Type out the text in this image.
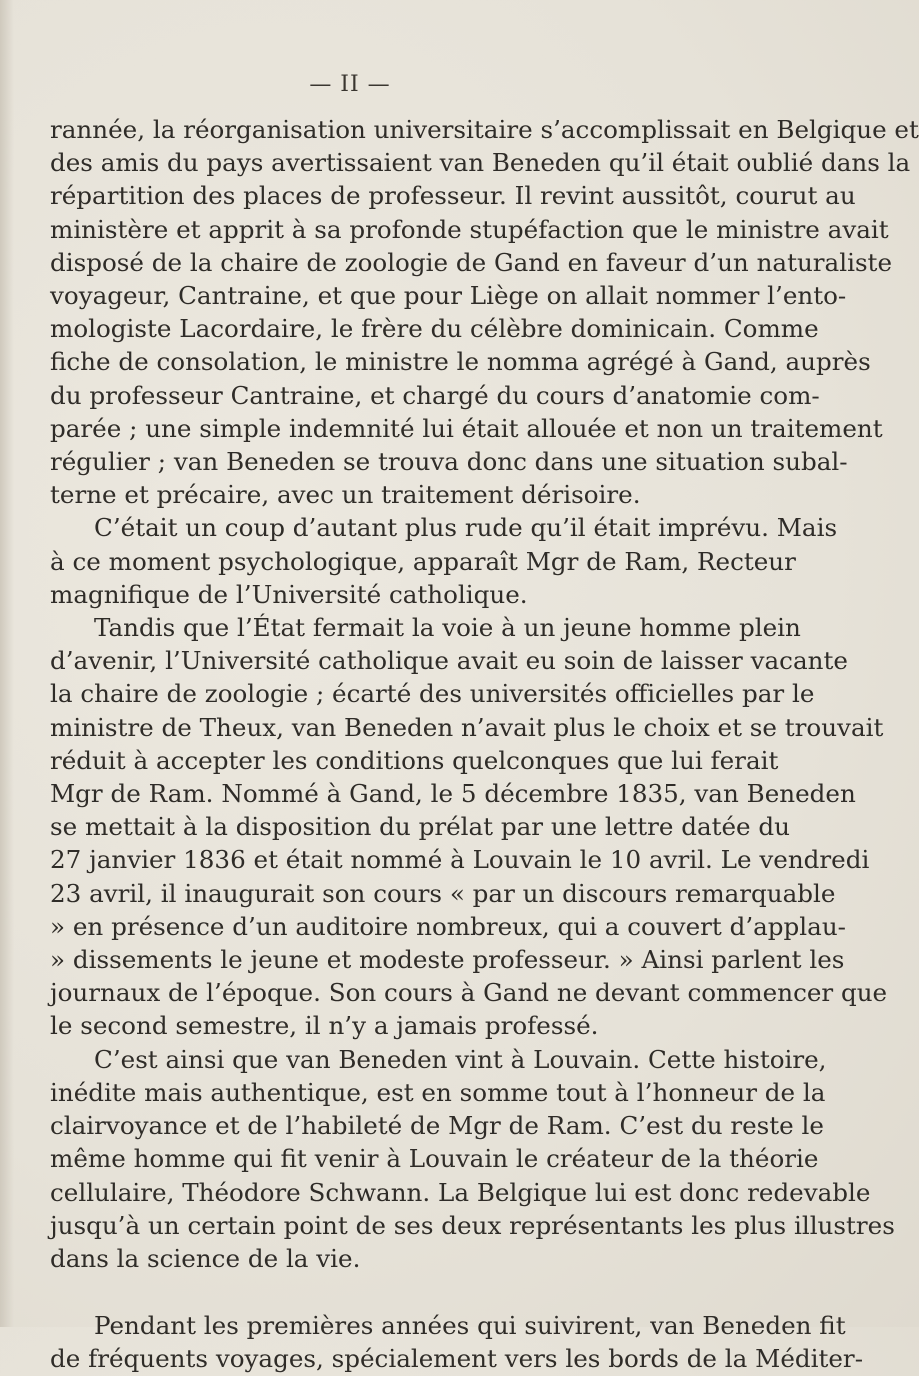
— II —

rannée, la réorganisation universitaire s’accomplissait en Belgique et
des amis du pays avertissaient van Beneden qu’il était oublié dans la
répartition des places de professeur. Il revint aussitôt, courut au
ministère et apprit à sa profonde stupéfaction que le ministre avait
disposé de la chaire de zoologie de Gand en faveur d’un naturaliste
voyageur, Cantraine, et que pour Liège on allait nommer l’ento-
mologiste Lacordaire, le frère du célèbre dominicain. Comme
fiche de consolation, le ministre le nomma agrégé à Gand, auprès
du professeur Cantraine, et chargé du cours d’anatomie com-
parée ; une simple indemnité lui était allouée et non un traitement
régulier ; van Beneden se trouva donc dans une situation subal-
terne et précaire, avec un traitement dérisoire.

C’était un coup d’autant plus rude qu’il était imprévu. Mais
à ce moment psychologique, apparaît Mgr de Ram, Recteur
magnifique de l’Université catholique.

Tandis que l’État fermait la voie à un jeune homme plein
d’avenir, l’Université catholique avait eu soin de laisser vacante
la chaire de zoologie ; écarté des universités officielles par le
ministre de Theux, van Beneden n’avait plus le choix et se trouvait
réduit à accepter les conditions quelconques que lui ferait
Mgr de Ram. Nommé à Gand, le 5 décembre 1835, van Beneden
se mettait à la disposition du prélat par une lettre datée du
27 janvier 1836 et était nommé à Louvain le 10 avril. Le vendredi
23 avril, il inaugurait son cours « par un discours remarquable
» en présence d’un auditoire nombreux, qui a couvert d’applau-
» dissements le jeune et modeste professeur. » Ainsi parlent les
journaux de l’époque. Son cours à Gand ne devant commencer que
le second semestre, il n’y a jamais professé.

C’est ainsi que van Beneden vint à Louvain. Cette histoire,
inédite mais authentique, est en somme tout à l’honneur de la
clairvoyance et de l’habileté de Mgr de Ram. C’est du reste le
même homme qui fit venir à Louvain le créateur de la théorie
cellulaire, Théodore Schwann. La Belgique lui est donc redevable
jusqu’à un certain point de ses deux représentants les plus illustres
dans la science de la vie.

Pendant les premières années qui suivirent, van Beneden fit
de fréquents voyages, spécialement vers les bords de la Méditer-
